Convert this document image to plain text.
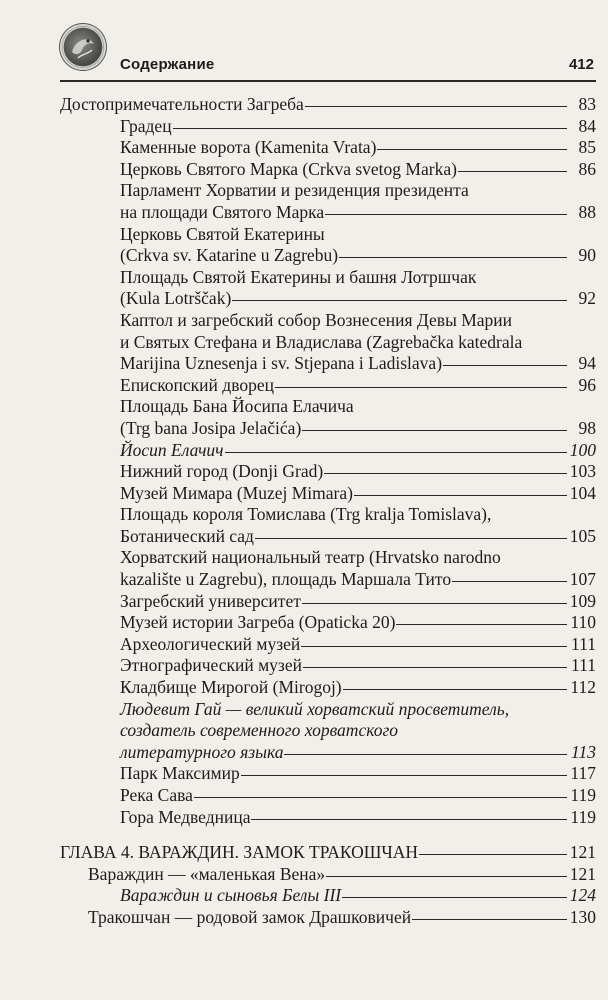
Содержание	412
Достопримечательности Загреба	83
Градец	84
Каменные ворота (Kamenita Vrata)	85
Церковь Святого Марка (Crkva svetog Marka)	86
Парламент Хорватии и резиденция президента
на площади Святого Марка	88
Церковь Святой Екатерины
(Crkva sv. Katarine u Zagrebu)	90
Площадь Святой Екатерины и башня Лотршчак
(Kula Lotrščak)	92
Каптол и загребский собор Вознесения Девы Марии
и Святых Стефана и Владислава (Zagrebačka katedrala
Marijina Uznesenja i sv. Stjepana i Ladislava)	94
Епископский дворец	96
Площадь Бана Йосипа Елачича
(Trg bana Josipa Jelačića)	98
Йосип Елачич	100
Нижний город (Donji Grad)	103
Музей Мимара (Muzej Mimara)	104
Площадь короля Томислава (Trg kralja Tomislava),
Ботанический сад	105
Хорватский национальный театр (Hrvatsko narodno
kazalište u Zagrebu), площадь Маршала Тито	107
Загребский университет	109
Музей истории Загреба (Opaticka 20)	110
Археологический музей	111
Этнографический музей	111
Кладбище Мирогой (Mirogoj)	112
Людевит Гай — великий хорватский просветитель,
создатель современного хорватского
литературного языка	113
Парк Максимир	117
Река Сава	119
Гора Медведница	119
ГЛАВА 4. ВАРАЖДИН. ЗАМОК ТРАКОШЧАН	121
Вараждин — «маленькая Вена»	121
Вараждин и сыновья Белы III	124
Тракошчан — родовой замок Драшковичей	130
